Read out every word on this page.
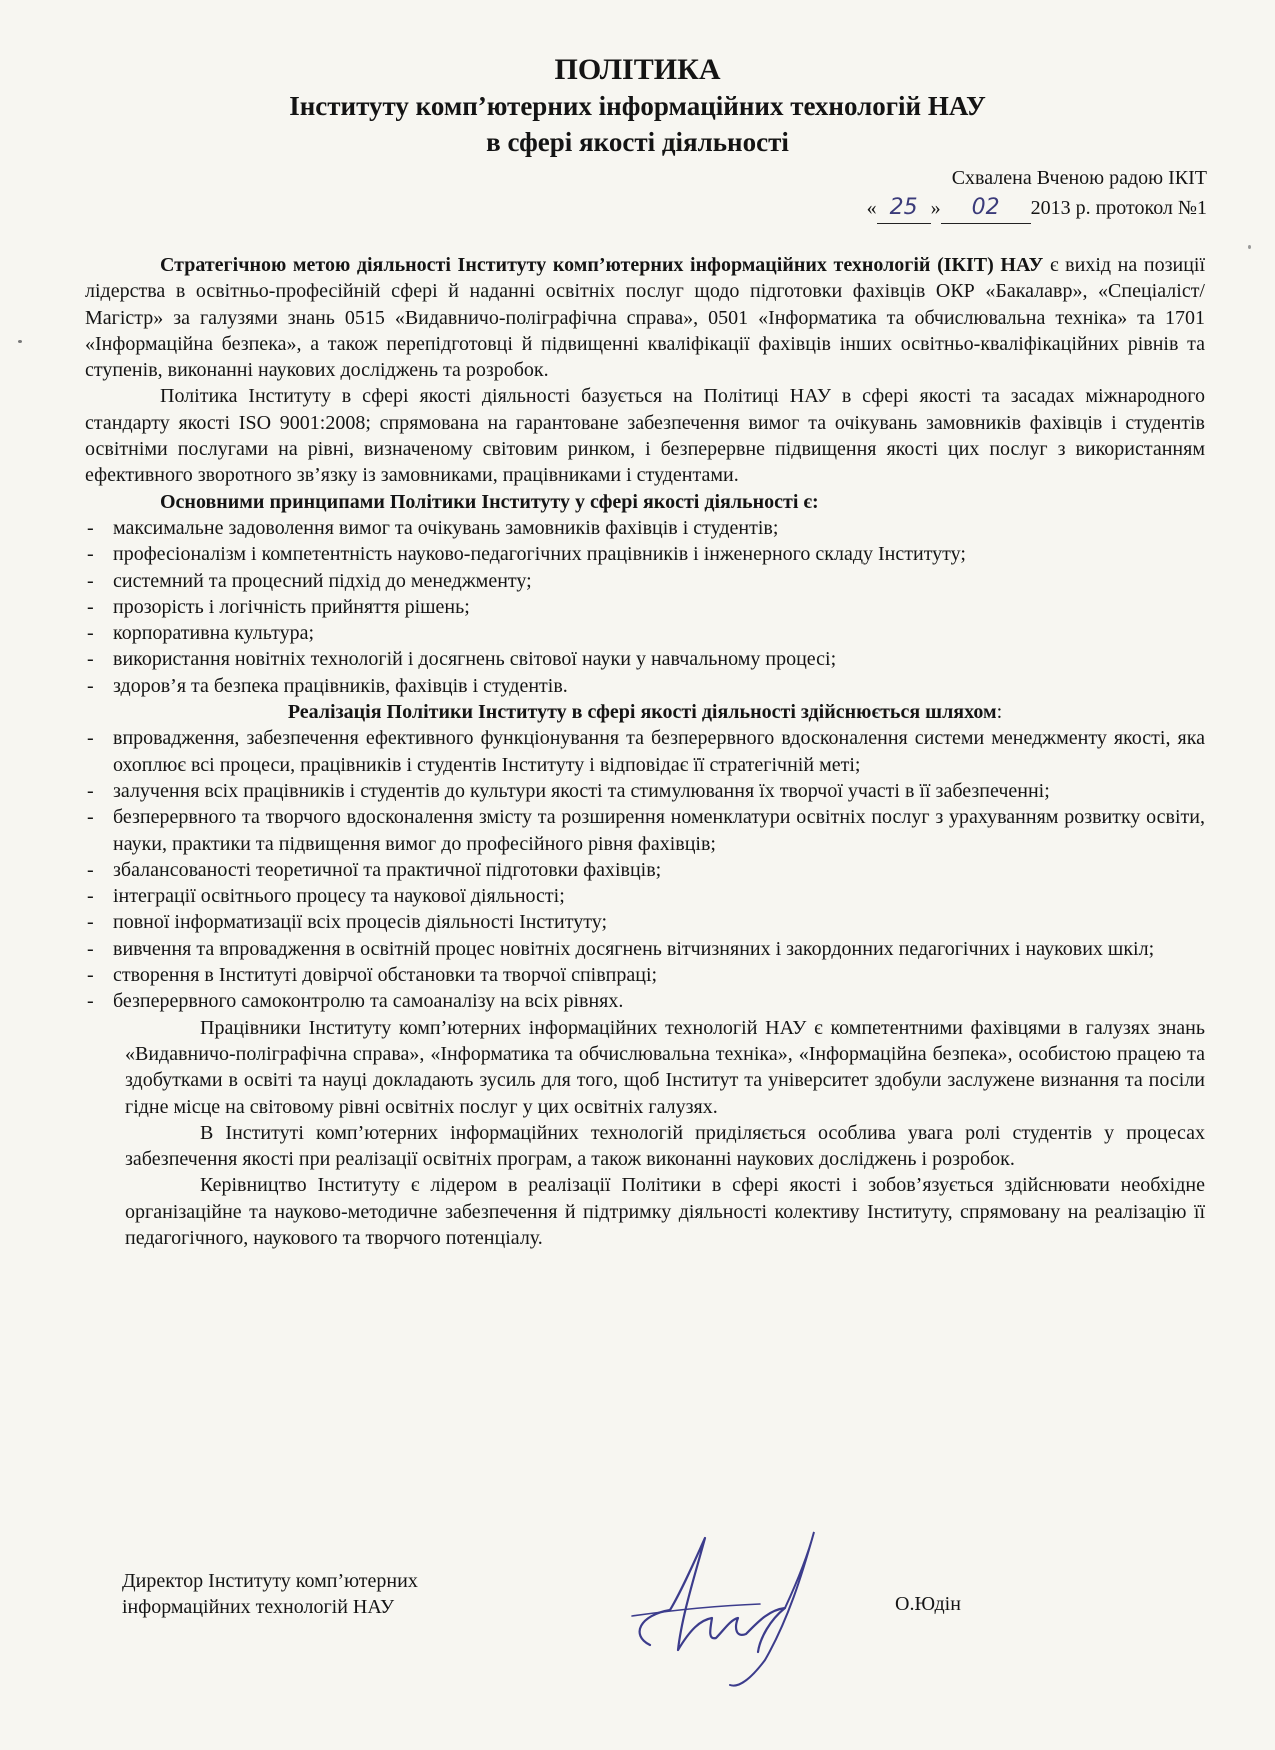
ПОЛІТИКА
Інституту комп’ютерних інформаційних технологій НАУ
в сфері якості діяльності
Схвалена Вченою радою ІКІТ
« 25 » 02 2013 р. протокол №1

Стратегічною метою діяльності Інституту комп’ютерних інформаційних технологій (ІКІТ) НАУ є вихід на позиції лідерства в освітньо-професійній сфері й наданні освітніх послуг щодо підготовки фахівців ОКР «Бакалавр», «Спеціаліст/Магістр» за галузями знань 0515 «Видавничо-поліграфічна справа», 0501 «Інформатика та обчислювальна техніка» та 1701 «Інформаційна безпека», а також перепідготовці й підвищенні кваліфікації фахівців інших освітньо-кваліфікаційних рівнів та ступенів, виконанні наукових досліджень та розробок.

Політика Інституту в сфері якості діяльності базується на Політиці НАУ в сфері якості та засадах міжнародного стандарту якості ISO 9001:2008; спрямована на гарантоване забезпечення вимог та очікувань замовників фахівців і студентів освітніми послугами на рівні, визначеному світовим ринком, і безперервне підвищення якості цих послуг з використанням ефективного зворотного зв’язку із замовниками, працівниками і студентами.

Основними принципами Політики Інституту у сфері якості діяльності є:

- максимальне задоволення вимог та очікувань замовників фахівців і студентів;
- професіоналізм і компетентність науково-педагогічних працівників і інженерного складу Інституту;
- системний та процесний підхід до менеджменту;
- прозорість і логічність прийняття рішень;
- корпоративна культура;
- використання новітніх технологій і досягнень світової науки у навчальному процесі;
- здоров’я та безпека працівників, фахівців і студентів.

Реалізація Політики Інституту в сфері якості діяльності здійснюється шляхом:

- впровадження, забезпечення ефективного функціонування та безперервного вдосконалення системи менеджменту якості, яка охоплює всі процеси, працівників і студентів Інституту і відповідає її стратегічній меті;
- залучення всіх працівників і студентів до культури якості та стимулювання їх творчої участі в її забезпеченні;
- безперервного та творчого вдосконалення змісту та розширення номенклатури освітніх послуг з урахуванням розвитку освіти, науки, практики та підвищення вимог до професійного рівня фахівців;
- збалансованості теоретичної та практичної підготовки фахівців;
- інтеграції освітнього процесу та наукової діяльності;
- повної інформатизації всіх процесів діяльності Інституту;
- вивчення та впровадження в освітній процес новітніх досягнень вітчизняних і закордонних педагогічних і наукових шкіл;
- створення в Інституті довірчої обстановки та творчої співпраці;
- безперервного самоконтролю та самоаналізу на всіх рівнях.

Працівники Інституту комп’ютерних інформаційних технологій НАУ є компетентними фахівцями в галузях знань «Видавничо-поліграфічна справа», «Інформатика та обчислювальна техніка», «Інформаційна безпека», особистою працею та здобутками в освіті та науці докладають зусиль для того, щоб Інститут та університет здобули заслужене визнання та посіли гідне місце на світовому рівні освітніх послуг у цих освітніх галузях.

В Інституті комп’ютерних інформаційних технологій приділяється особлива увага ролі студентів у процесах забезпечення якості при реалізації освітніх програм, а також виконанні наукових досліджень і розробок.

Керівництво Інституту є лідером в реалізації Політики в сфері якості і зобов’язується здійснювати необхідне організаційне та науково-методичне забезпечення й підтримку діяльності колективу Інституту, спрямовану на реалізацію її педагогічного, наукового та творчого потенціалу.

Директор Інституту комп’ютерних
інформаційних технологій НАУ	О.Юдін
